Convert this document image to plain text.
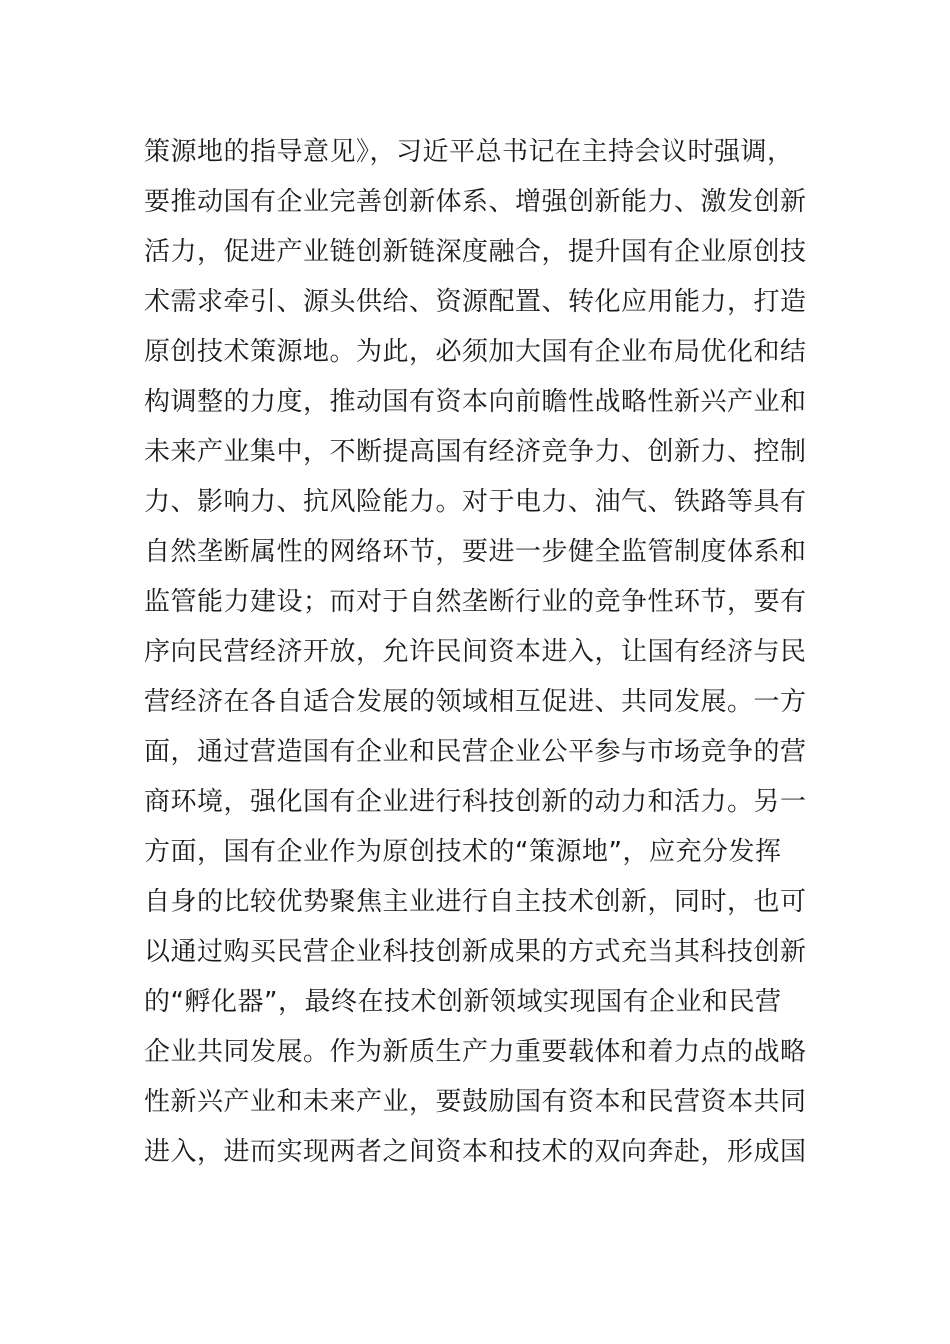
策源地的指导意见》，习近平总书记在主持会议时强调，
要推动国有企业完善创新体系、增强创新能力、激发创新
活力，促进产业链创新链深度融合，提升国有企业原创技
术需求牵引、源头供给、资源配置、转化应用能力，打造
原创技术策源地。为此，必须加大国有企业布局优化和结
构调整的力度，推动国有资本向前瞻性战略性新兴产业和
未来产业集中，不断提高国有经济竞争力、创新力、控制
力、影响力、抗风险能力。对于电力、油气、铁路等具有
自然垄断属性的网络环节，要进一步健全监管制度体系和
监管能力建设；而对于自然垄断行业的竞争性环节，要有
序向民营经济开放，允许民间资本进入，让国有经济与民
营经济在各自适合发展的领域相互促进、共同发展。一方
面，通过营造国有企业和民营企业公平参与市场竞争的营
商环境，强化国有企业进行科技创新的动力和活力。另一
方面，国有企业作为原创技术的“策源地”，应充分发挥
自身的比较优势聚焦主业进行自主技术创新，同时，也可
以通过购买民营企业科技创新成果的方式充当其科技创新
的“孵化器”，最终在技术创新领域实现国有企业和民营
企业共同发展。作为新质生产力重要载体和着力点的战略
性新兴产业和未来产业，要鼓励国有资本和民营资本共同
进入，进而实现两者之间资本和技术的双向奔赴，形成国
